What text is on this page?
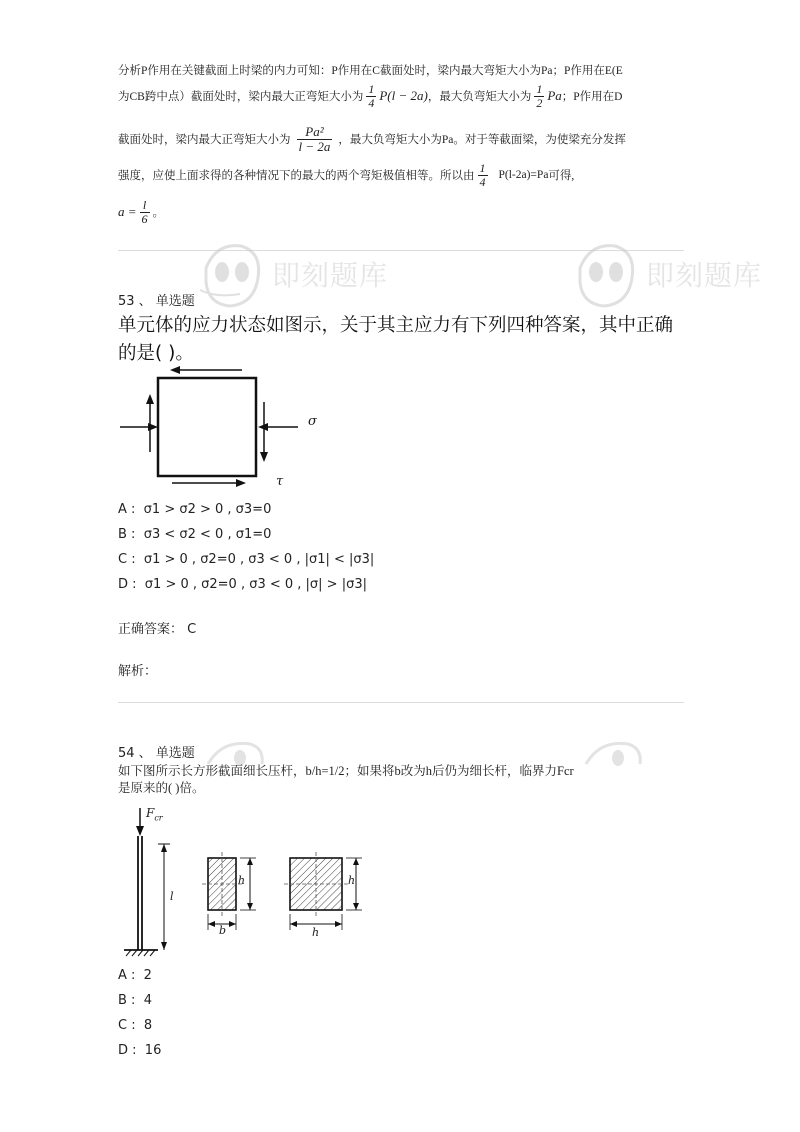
分析P作用在关键截面上时梁的内力可知：P作用在C截面处时，梁内最大弯矩大小为Pa；P作用在E(E
为CB跨中点）截面处时，梁内最大正弯矩大小为 $\frac{1}{4} P(l - 2a)$ ，最大负弯矩大小为 $\frac{1}{2}$ Pa ；P作用在D
截面处时，梁内最大正弯矩大小为 $\frac{\text{Pa²}}{l - 2a}$ ，最大负弯矩大小为Pa。对于等截面梁，为使梁充分发挥
强度，应使上面求得的各种情况下的最大的两个弯矩极值相等。所以由 $\frac{1}{4} P(l-2a)=Pa$ 可得,
$a = \frac{l}{6}$ 。
即刻题库	即刻题库
53 、 单选题
单元体的应力状态如图示，关于其主应力有下列四种答案，其中正确的是( )。
σ
τ
A : σ1 > σ2 > 0 , σ3=0
B : σ3 < σ2 < 0 , σ1=0
C : σ1 > 0 , σ2=0 , σ3 < 0 , |σ1| < |σ3|
D : σ1 > 0 , σ2=0 , σ3 < 0 , |σ| > |σ3|
正确答案： C
解析：
54 、 单选题
如下图所示长方形截面细长压杆，b/h=1/2；如果将b改为h后仍为细长杆，临界力Fcr
是原来的( )倍。
$F_{cr}$
l
h
b
h
h
A : 2
B : 4
C : 8
D : 16
